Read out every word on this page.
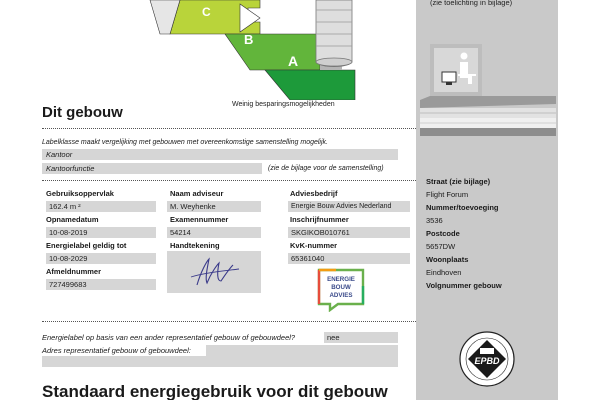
C
B
A
(zie toelichting in bijlage)
Weinig besparingsmogelijkheden
Dit gebouw
Labelklasse maakt vergelijking met gebouwen met overeenkomstige samenstelling mogelijk.
Kantoor
Kantoorfunctie	(zie de bijlage voor de samenstelling)
Gebruiksoppervlak
162.4 m ²
Opnamedatum
10-08-2019
Energielabel geldig tot
10-08-2029
Afmeldnummer
727499683
Naam adviseur
M. Weyhenke
Examennummer
54214
Handtekening
Adviesbedrijf
Energie Bouw Advies Nederland
Inschrijfnummer
SKGIKOB010761
KvK-nummer
65361040
ENERGIE
BOUW
ADVIES
Straat (zie bijlage)
Flight Forum
Nummer/toevoeging
3536
Postcode
5657DW
Woonplaats
Eindhoven
Volgnummer gebouw
Energielabel op basis van een ander representatief gebouw of gebouwdeel?	nee
Adres representatief gebouw of gebouwdeel:
EPBD
Standaard energiegebruik voor dit gebouw
